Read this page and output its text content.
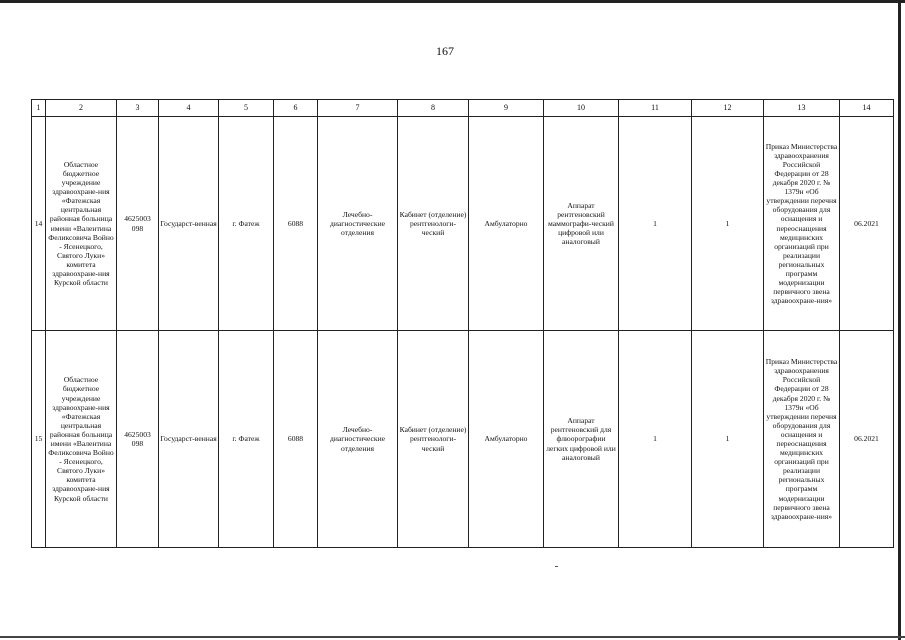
167
1	2	3	4	5	6	7	8	9	10	11	12	13	14
14	Областное бюджетное учреждение здравоохране-ния «Фатежская центральная районная больница имени «Валентина Феликсовича Войно - Ясенецкого, Святого Луки» комитета здравоохране-ния Курской области	4625003 098	Государст-венная	г. Фатеж	6088	Лечебно-диагностические отделения	Кабинет (отделение) рентгенологи-ческий	Амбулаторно	Аппарат рентгеновский маммографи-ческий цифровой или аналоговый	1	1	Приказ Министерства здравоохранения Российской Федерации от 28 декабря 2020 г. № 1379н «Об утверждении перечня оборудования для оснащения и переоснащения медицинских организаций при реализации региональных программ модернизации первичного звена здравоохране-ния»	06.2021
15	Областное бюджетное учреждение здравоохране-ния «Фатежская центральная районная больница имени «Валентина Феликсовича Войно - Ясенецкого, Святого Луки» комитета здравоохране-ния Курской области	4625003 098	Государст-венная	г. Фатеж	6088	Лечебно-диагностические отделения	Кабинет (отделение) рентгенологи-ческий	Амбулаторно	Аппарат рентгеновский для флюорографии легких цифровой или аналоговый	1	1	Приказ Министерства здравоохранения Российской Федерации от 28 декабря 2020 г. № 1379н «Об утверждении перечня оборудования для оснащения и переоснащения медицинских организаций при реализации региональных программ модернизации первичного звена здравоохране-ния»	06.2021
